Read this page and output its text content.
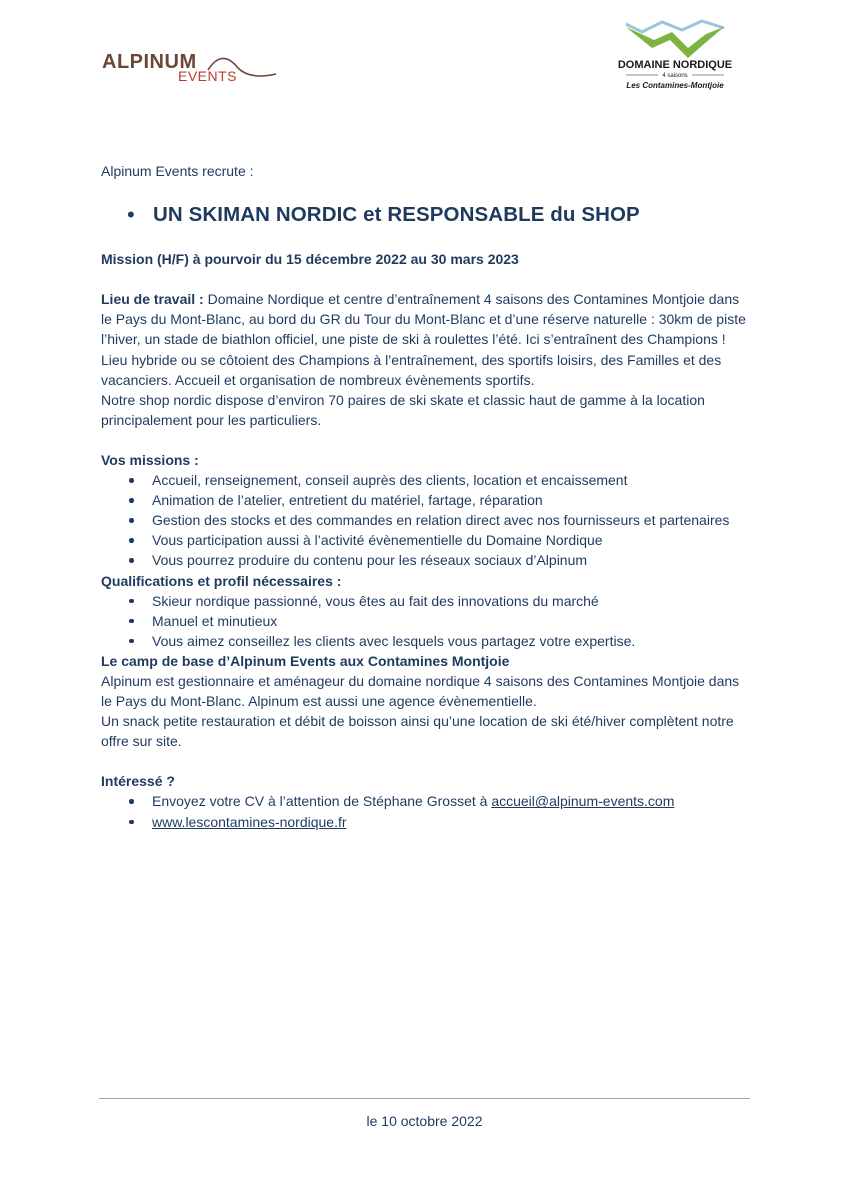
ALPINUM
EVENTS
DOMAINE NORDIQUE
4 saisons
Les Contamines-Montjoie

Alpinum Events recrute :

• UN SKIMAN NORDIC et RESPONSABLE du SHOP

Mission (H/F) à pourvoir du 15 décembre 2022 au 30 mars 2023

Lieu de travail : Domaine Nordique et centre d’entraînement 4 saisons des Contamines Montjoie dans le Pays du Mont-Blanc, au bord du GR du Tour du Mont-Blanc et d’une réserve naturelle : 30km de piste l’hiver, un stade de biathlon officiel, une piste de ski à roulettes l’été. Ici s’entraînent des Champions !

Lieu hybride ou se côtoient des Champions à l’entraînement, des sportifs loisirs, des Familles et des vacanciers. Accueil et organisation de nombreux évènements sportifs.

Notre shop nordic dispose d’environ 70 paires de ski skate et classic haut de gamme à la location principalement pour les particuliers.

Vos missions :

Accueil, renseignement, conseil auprès des clients, location et encaissement
Animation de l’atelier, entretient du matériel, fartage, réparation
Gestion des stocks et des commandes en relation direct avec nos fournisseurs et partenaires
Vous participation aussi à l’activité évènementielle du Domaine Nordique
Vous pourrez produire du contenu pour les réseaux sociaux d’Alpinum

Qualifications et profil nécessaires :

Skieur nordique passionné, vous êtes au fait des innovations du marché
Manuel et minutieux
Vous aimez conseillez les clients avec lesquels vous partagez votre expertise.

Le camp de base d’Alpinum Events aux Contamines Montjoie

Alpinum est gestionnaire et aménageur du domaine nordique 4 saisons des Contamines Montjoie dans le Pays du Mont-Blanc. Alpinum est aussi une agence évènementielle.

Un snack petite restauration et débit de boisson ainsi qu’une location de ski été/hiver complètent notre offre sur site.

Intéressé ?

Envoyez votre CV à l’attention de Stéphane Grosset à accueil@alpinum-events.com
www.lescontamines-nordique.fr
le 10 octobre 2022
